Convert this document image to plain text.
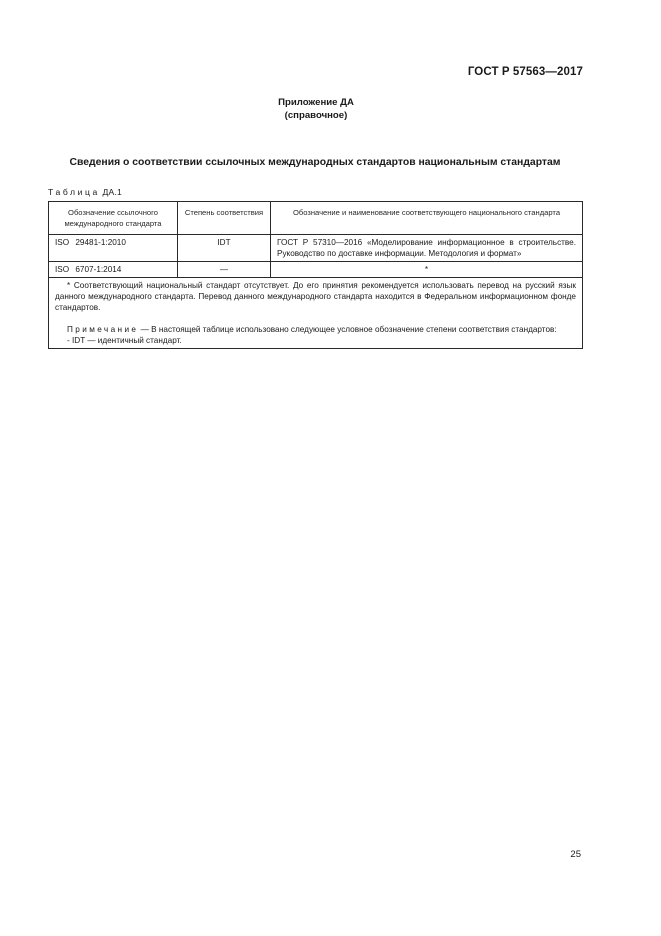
ГОСТ Р 57563—2017
Приложение ДА
(справочное)
Сведения о соответствии ссылочных международных стандартов национальным стандартам
Таблица ДА.1
Обозначение ссылочного международного стандарта	Степень соответствия	Обозначение и наименование соответствующего национального стандарта
ISO 29481-1:2010	IDT	ГОСТ Р 57310—2016 «Моделирование информационное в строительстве. Руководство по доставке информации. Методология и формат»
ISO 6707-1:2014	—	*

* Соответствующий национальный стандарт отсутствует. До его принятия рекомендуется использовать перевод на русский язык данного международного стандарта. Перевод данного международного стандарта находится в Федеральном информационном фонде стандартов.

Примечание — В настоящей таблице использовано следующее условное обозначение степени соответствия стандартов:

- IDT — идентичный стандарт.		

25
